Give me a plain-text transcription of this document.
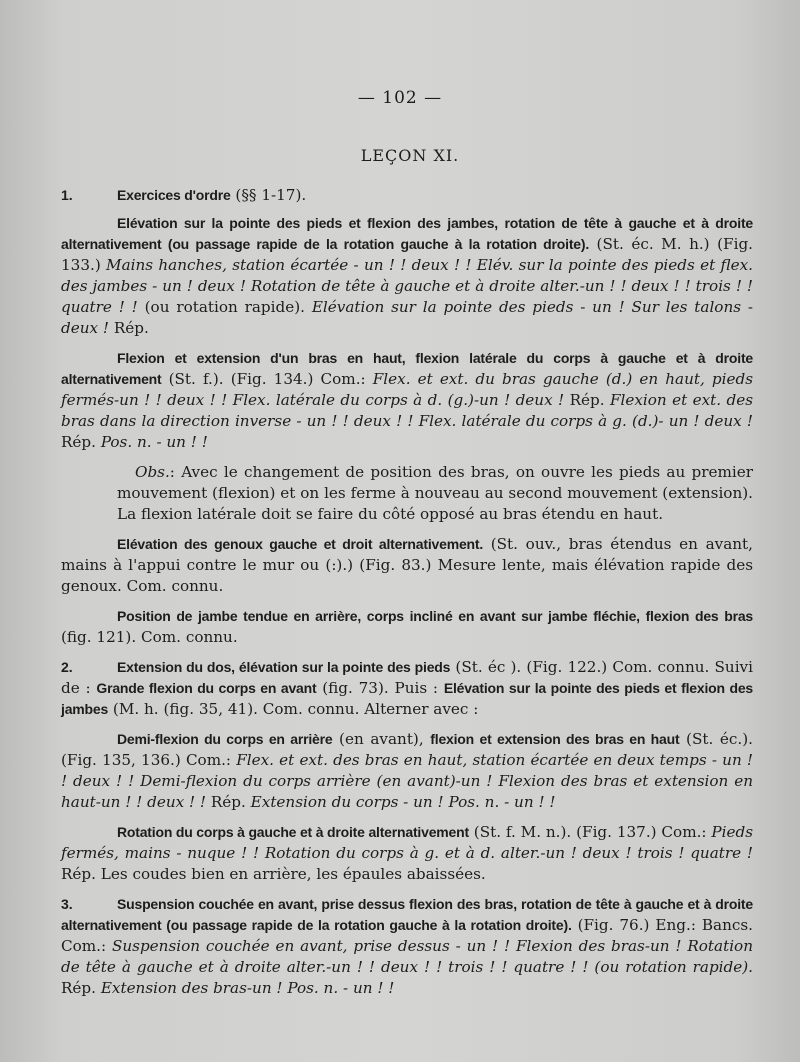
— 102 —
LEÇON XI.

1.	Exercices d'ordre (§§ 1-17).

Elévation sur la pointe des pieds et flexion des jambes, rotation de tête à gauche et à droite alternativement (ou passage rapide de la rotation gauche à la rotation droite). (St. éc. M. h.) (Fig. 133.) Mains hanches, station écartée - un ! ! deux ! ! Elév. sur la pointe des pieds et flex. des jambes - un ! deux ! Rotation de tête à gauche et à droite alter.-un ! ! deux ! ! trois ! ! quatre ! ! (ou rotation rapide). Elévation sur la pointe des pieds - un ! Sur les talons - deux ! Rép.

Flexion et extension d'un bras en haut, flexion latérale du corps à gauche et à droite alternativement (St. f.). (Fig. 134.) Com.: Flex. et ext. du bras gauche (d.) en haut, pieds fermés-un ! ! deux ! ! Flex. latérale du corps à d. (g.)-un ! deux ! Rép. Flexion et ext. des bras dans la direction inverse - un ! ! deux ! ! Flex. latérale du corps à g. (d.)- un ! deux ! Rép. Pos. n. - un ! !

Obs.: Avec le changement de position des bras, on ouvre les pieds au premier mouvement (flexion) et on les ferme à nouveau au second mouvement (extension). La flexion latérale doit se faire du côté opposé au bras étendu en haut.

Elévation des genoux gauche et droit alternativement. (St. ouv., bras étendus en avant, mains à l'appui contre le mur ou (:).) (Fig. 83.) Mesure lente, mais élévation rapide des genoux. Com. connu.

Position de jambe tendue en arrière, corps incliné en avant sur jambe fléchie, flexion des bras (fig. 121). Com. connu.

2.	Extension du dos, élévation sur la pointe des pieds (St. éc ). (Fig. 122.) Com. connu. Suivi de : Grande flexion du corps en avant (fig. 73). Puis : Elévation sur la pointe des pieds et flexion des jambes (M. h. (fig. 35, 41). Com. connu. Alterner avec :

Demi-flexion du corps en arrière (en avant), flexion et extension des bras en haut (St. éc.). (Fig. 135, 136.) Com.: Flex. et ext. des bras en haut, station écartée en deux temps - un ! ! deux ! ! Demi-flexion du corps arrière (en avant)-un ! Flexion des bras et extension en haut-un ! ! deux ! ! Rép. Extension du corps - un ! Pos. n. - un ! !

Rotation du corps à gauche et à droite alternativement (St. f. M. n.). (Fig. 137.) Com.: Pieds fermés, mains - nuque ! ! Rotation du corps à g. et à d. alter.-un ! deux ! trois ! quatre ! Rép. Les coudes bien en arrière, les épaules abaissées.

3.	Suspension couchée en avant, prise dessus flexion des bras, rotation de tête à gauche et à droite alternativement (ou passage rapide de la rotation gauche à la rotation droite). (Fig. 76.) Eng.: Bancs. Com.: Suspension couchée en avant, prise dessus - un ! ! Flexion des bras-un ! Rotation de tête à gauche et à droite alter.-un ! ! deux ! ! trois ! ! quatre ! ! (ou rotation rapide). Rép. Extension des bras-un ! Pos. n. - un ! !
